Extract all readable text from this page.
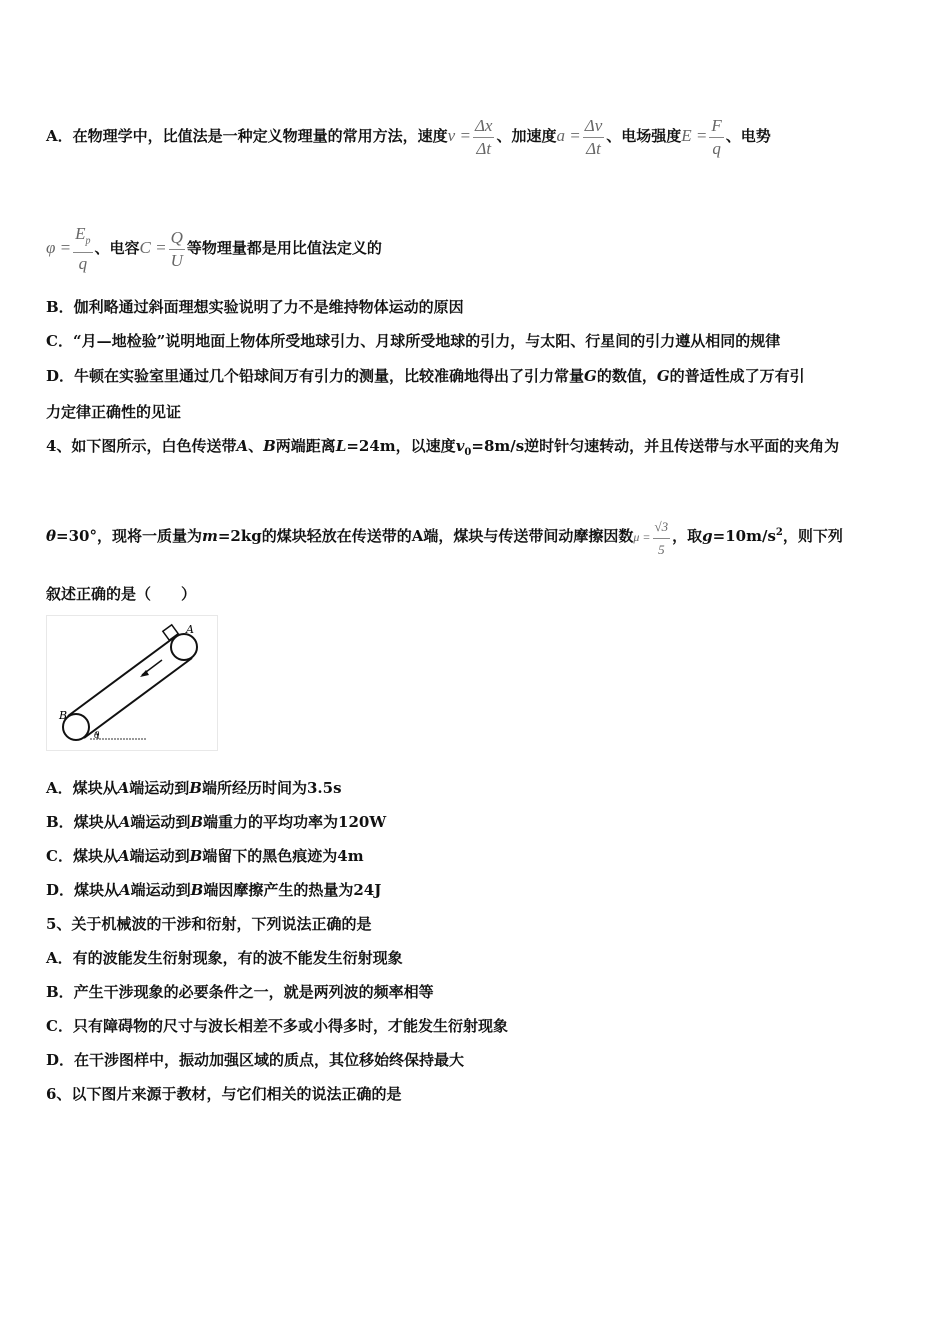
A．在物理学中，比值法是一种定义物理量的常用方法，速度$v = \frac{\Delta x}{\Delta t}$ 、加速度$a = \frac{\Delta v}{\Delta t}$ 、电场强度$E = \frac{F}{q}$ 、电势
$\varphi = \frac{E_p}{q}$ 、电容$C = \frac{Q}{U}$ 等物理量都是用比值法定义的
B．伽利略通过斜面理想实验说明了力不是维持物体运动的原因
C．“月—地检验”说明地面上物体所受地球引力、月球所受地球的引力，与太阳、行星间的引力遵从相同的规律
D．牛顿在实验室里通过几个铅球间万有引力的测量，比较准确地得出了引力常量G的数值，G的普适性成了万有引
力定律正确性的见证
4、如下图所示，白色传送带A、B两端距离L=24m，以速度$v_0=8m/s$逆时针匀速转动，并且传送带与水平面的夹角为
θ=30°，现将一质量为m=2kg的煤块轻放在传送带的A端，煤块与传送带间动摩擦因数$\mu = \frac{√3}{5}$ ，取$g=10m/s^2$，则下列
叙述正确的是（　　）
A
B
θ
A．煤块从A端运动到B端所经历时间为3.5s
B．煤块从A端运动到B端重力的平均功率为120W
C．煤块从A端运动到B端留下的黑色痕迹为4m
D．煤块从A端运动到B端因摩擦产生的热量为24J
5、关于机械波的干涉和衍射，下列说法正确的是
A．有的波能发生衍射现象，有的波不能发生衍射现象
B．产生干涉现象的必要条件之一，就是两列波的频率相等
C．只有障碍物的尺寸与波长相差不多或小得多时，才能发生衍射现象
D．在干涉图样中，振动加强区域的质点，其位移始终保持最大
6、以下图片来源于教材，与它们相关的说法正确的是
